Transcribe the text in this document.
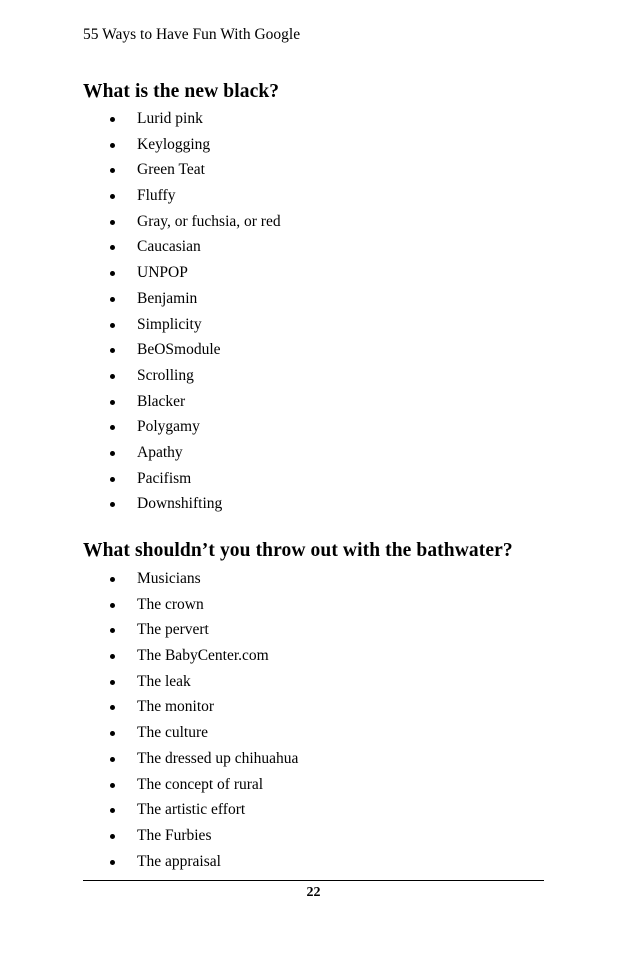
55 Ways to Have Fun With Google
What is the new black?
Lurid pink
Keylogging
Green Teat
Fluffy
Gray, or fuchsia, or red
Caucasian
UNPOP
Benjamin
Simplicity
BeOSmodule
Scrolling
Blacker
Polygamy
Apathy
Pacifism
Downshifting
What shouldn’t you throw out with the bathwater?
Musicians
The crown
The pervert
The BabyCenter.com
The leak
The monitor
The culture
The dressed up chihuahua
The concept of rural
The artistic effort
The Furbies
The appraisal
22
